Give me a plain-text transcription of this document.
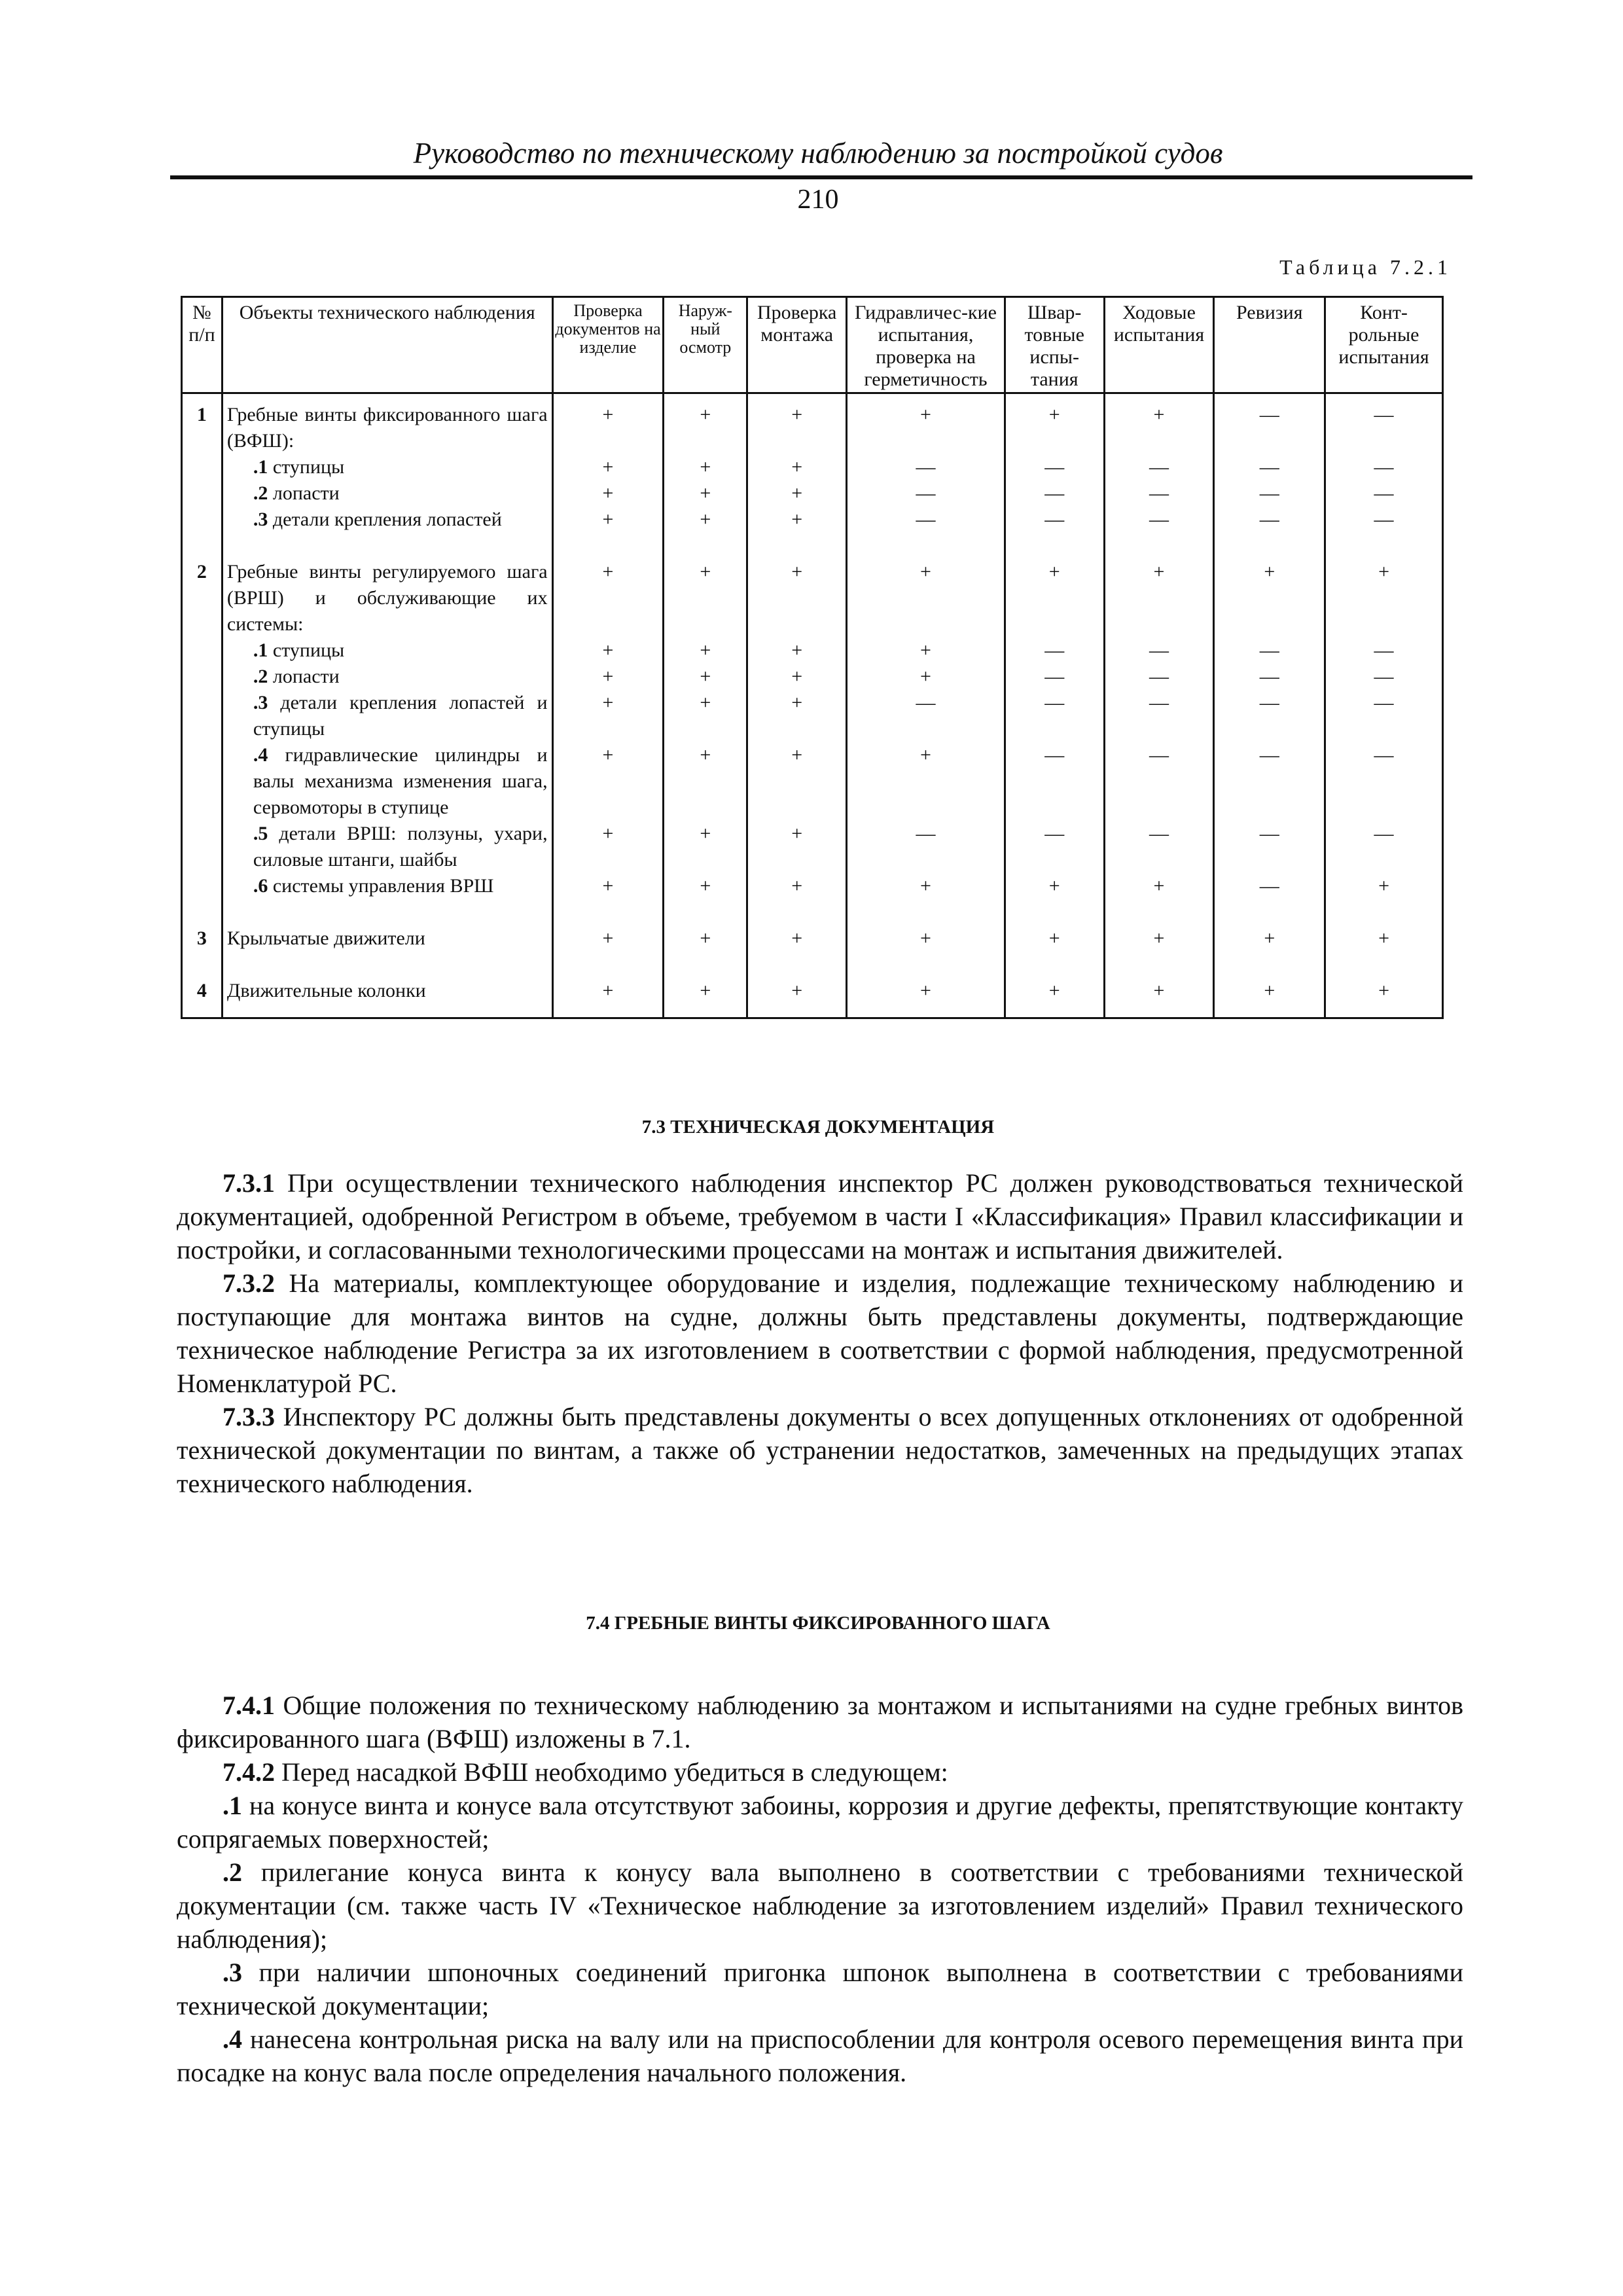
Руководство по техническому наблюдению за постройкой судов
210
Таблица 7.2.1
№ п/п	Объекты технического наблюдения	Проверка документов на изделие	Наруж-ный осмотр	Проверка монтажа	Гидравличес-кие испытания, проверка на герметичность	Швар-товные испы-тания	Ходовые испытания	Ревизия	Конт-рольные испытания
1	Гребные винты фиксированного шага (ВФШ):	+	+	+	+	+	+	—	—

	.1 ступицы	+	+	+	—	—	—	—	—

	.2 лопасти	+	+	+	—	—	—	—	—

	.3 детали крепления лопастей	+	+	+	—	—	—	—	—

2	Гребные винты регулируемого шага (ВРШ) и обслуживающие их системы:	+	+	+	+	+	+	+	+

	.1 ступицы	+	+	+	+	—	—	—	—

	.2 лопасти	+	+	+	+	—	—	—	—

	.3 детали крепления лопастей и ступицы	+	+	+	—	—	—	—	—

	.4 гидравлические цилиндры и валы механизма изменения шага, сервомоторы в ступице	+	+	+	+	—	—	—	—

	.5 детали ВРШ: ползуны, ухари, силовые штанги, шайбы	+	+	+	—	—	—	—	—

	.6 системы управления ВРШ	+	+	+	+	+	+	—	+

3	Крыльчатые движители	+	+	+	+	+	+	+	+

4	Движительные колонки	+	+	+	+	+	+	+	+

7.3 ТЕХНИЧЕСКАЯ ДОКУМЕНТАЦИЯ

7.3.1 При осуществлении технического наблюдения инспектор РС должен руководствоваться технической документацией, одобренной Регистром в объеме, требуемом в части I «Классификация» Правил классификации и постройки, и согласованными технологическими процессами на монтаж и испытания движителей.

7.3.2 На материалы, комплектующее оборудование и изделия, подлежащие техническому наблюдению и поступающие для монтажа винтов на судне, должны быть представлены документы, подтверждающие техническое наблюдение Регистра за их изготовлением в соответствии с формой наблюдения, предусмотренной Номенклатурой РС.

7.3.3 Инспектору РС должны быть представлены документы о всех допущенных отклонениях от одобренной технической документации по винтам, а также об устранении недостатков, замеченных на предыдущих этапах технического наблюдения.

7.4 ГРЕБНЫЕ ВИНТЫ ФИКСИРОВАННОГО ШАГА

7.4.1 Общие положения по техническому наблюдению за монтажом и испытаниями на судне гребных винтов фиксированного шага (ВФШ) изложены в 7.1.

7.4.2 Перед насадкой ВФШ необходимо убедиться в следующем:

.1 на конусе винта и конусе вала отсутствуют забоины, коррозия и другие дефекты, препятствующие контакту сопрягаемых поверхностей;

.2 прилегание конуса винта к конусу вала выполнено в соответствии с требованиями технической документации (см. также часть IV «Техническое наблюдение за изготовлением изделий» Правил технического наблюдения);

.3 при наличии шпоночных соединений пригонка шпонок выполнена в соответствии с требованиями технической документации;

.4 нанесена контрольная риска на валу или на приспособлении для контроля осевого перемещения винта при посадке на конус вала после определения начального положения.
